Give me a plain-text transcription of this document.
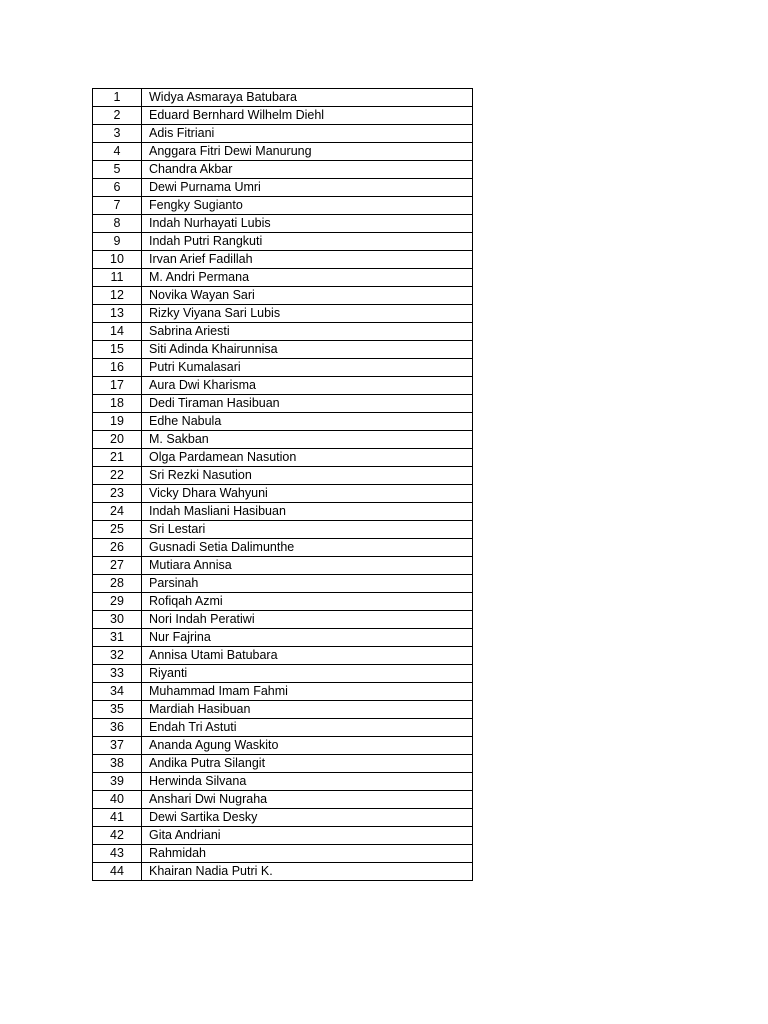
1	Widya Asmaraya Batubara
2	Eduard Bernhard Wilhelm Diehl
3	Adis Fitriani
4	Anggara Fitri Dewi Manurung
5	Chandra Akbar
6	Dewi Purnama Umri
7	Fengky Sugianto
8	Indah Nurhayati Lubis
9	Indah Putri Rangkuti
10	Irvan Arief Fadillah
11	M. Andri Permana
12	Novika Wayan Sari
13	Rizky Viyana Sari Lubis
14	Sabrina Ariesti
15	Siti Adinda Khairunnisa
16	Putri Kumalasari
17	Aura Dwi Kharisma
18	Dedi Tiraman Hasibuan
19	Edhe Nabula
20	M. Sakban
21	Olga Pardamean Nasution
22	Sri Rezki Nasution
23	Vicky Dhara Wahyuni
24	Indah Masliani Hasibuan
25	Sri Lestari
26	Gusnadi Setia Dalimunthe
27	Mutiara Annisa
28	Parsinah
29	Rofiqah Azmi
30	Nori Indah Peratiwi
31	Nur Fajrina
32	Annisa Utami Batubara
33	Riyanti
34	Muhammad Imam Fahmi
35	Mardiah Hasibuan
36	Endah Tri Astuti
37	Ananda Agung Waskito
38	Andika Putra Silangit
39	Herwinda Silvana
40	Anshari Dwi Nugraha
41	Dewi Sartika Desky
42	Gita Andriani
43	Rahmidah
44	Khairan Nadia Putri K.
